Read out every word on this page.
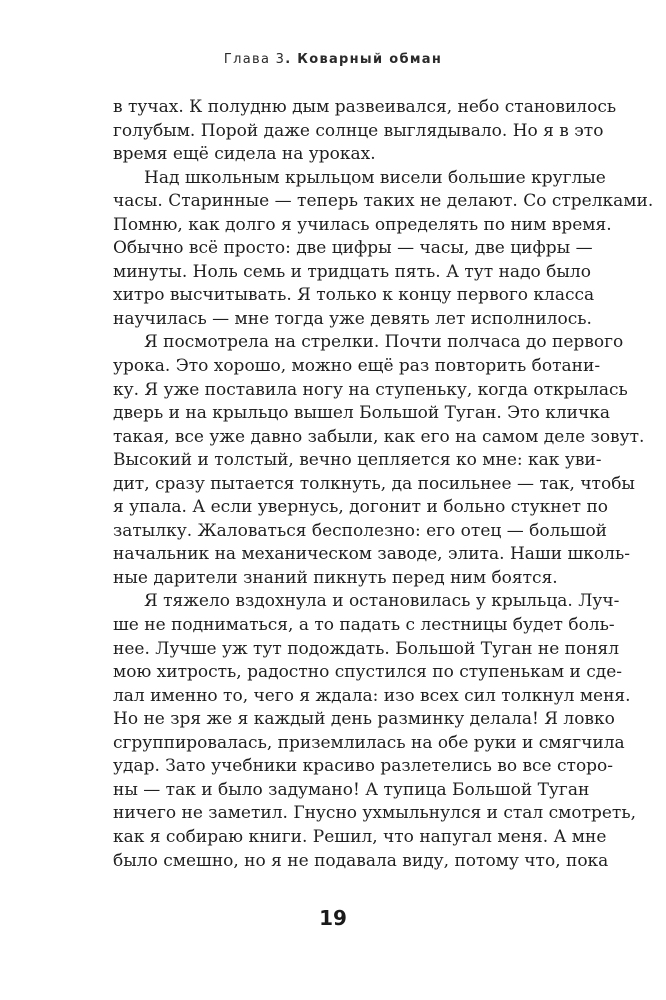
Глава 3. Коварный обман
в тучах. К полудню дым развеивался, небо становилось
голубым. Порой даже солнце выглядывало. Но я в это
время ещё сидела на уроках.
Над школьным крыльцом висели большие круглые
часы. Старинные — теперь таких не делают. Со стрелками.
Помню, как долго я училась определять по ним время.
Обычно всё просто: две цифры — часы, две цифры —
минуты. Ноль семь и тридцать пять. А тут надо было
хитро высчитывать. Я только к концу первого класса
научилась — мне тогда уже девять лет исполнилось.
Я посмотрела на стрелки. Почти полчаса до первого
урока. Это хорошо, можно ещё раз повторить ботани-
ку. Я уже поставила ногу на ступеньку, когда открылась
дверь и на крыльцо вышел Большой Туган. Это кличка
такая, все уже давно забыли, как его на самом деле зовут.
Высокий и толстый, вечно цепляется ко мне: как уви-
дит, сразу пытается толкнуть, да посильнее — так, чтобы
я упала. А если увернусь, догонит и больно стукнет по
затылку. Жаловаться бесполезно: его отец — большой
начальник на механическом заводе, элита. Наши школь-
ные дарители знаний пикнуть перед ним боятся.
Я тяжело вздохнула и остановилась у крыльца. Луч-
ше не подниматься, а то падать с лестницы будет боль-
нее. Лучше уж тут подождать. Большой Туган не понял
мою хитрость, радостно спустился по ступенькам и сде-
лал именно то, чего я ждала: изо всех сил толкнул меня.
Но не зря же я каждый день разминку делала! Я ловко
сгруппировалась, приземлилась на обе руки и смягчила
удар. Зато учебники красиво разлетелись во все сторо-
ны — так и было задумано! А тупица Большой Туган
ничего не заметил. Гнусно ухмыльнулся и стал смотреть,
как я собираю книги. Решил, что напугал меня. А мне
было смешно, но я не подавала виду, потому что, пока
19
